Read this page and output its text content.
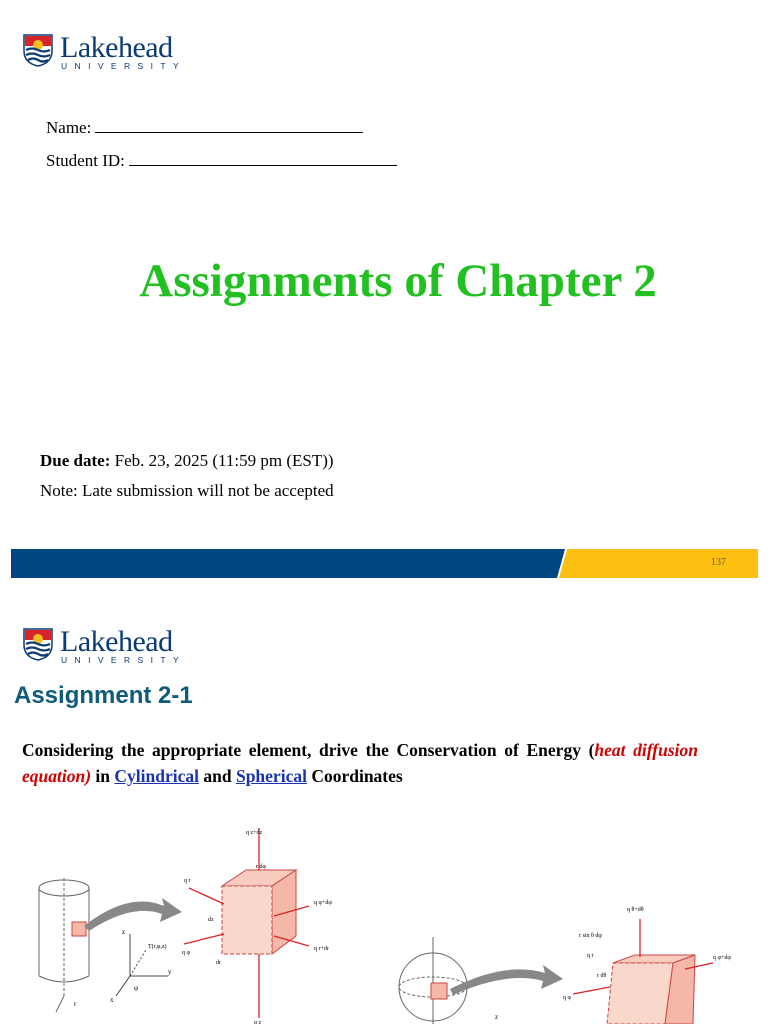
Lakehead
UNIVERSITY
Name:
Student ID:
Assignments of Chapter 2
Due date: Feb. 23, 2025 (11:59 pm (EST))
Note: Late submission will not be accepted
137
Lakehead
UNIVERSITY
Assignment 2-1
Considering the appropriate element, drive the Conservation of Energy (heat diffusion equation) in Cylindrical and Spherical Coordinates
z
y
x
T(r,φ,z)
r
φ
q z+dz
r dφ
q r
dz
q φ
q φ+dφ
q r+dr
dr
q z
z
q θ+dθ
r sin θ dφ
q r
r dθ
q φ+dφ
q φ
